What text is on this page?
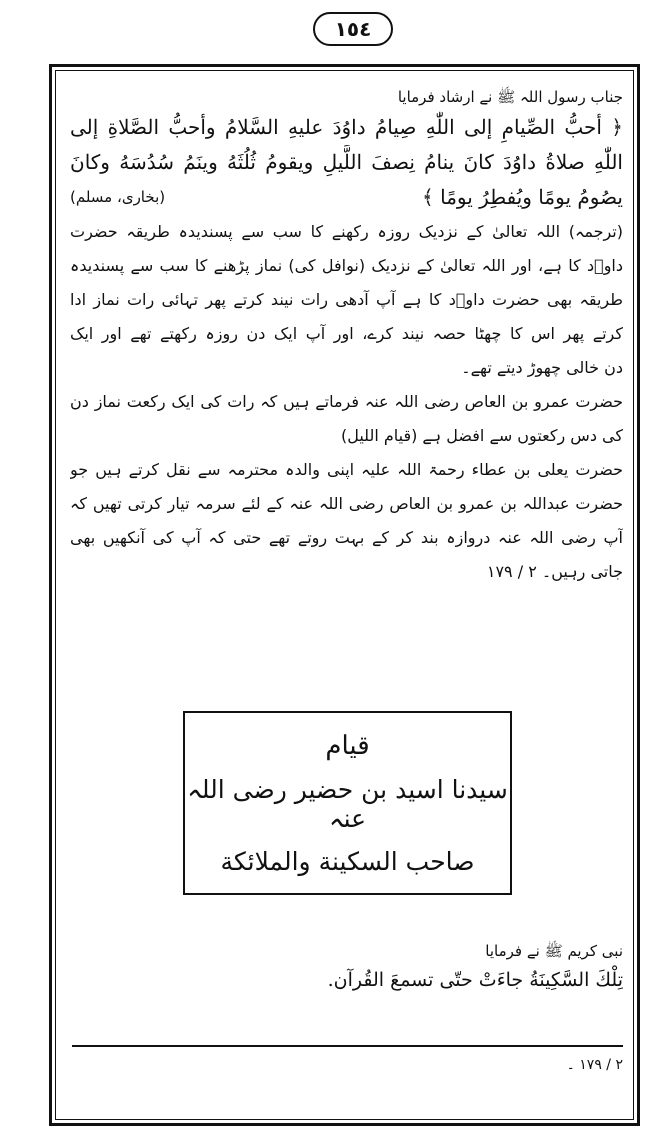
١٥٤
جناب رسول اللہ ﷺ نے ارشاد فرمایا
﴿ أحبُّ الصِّيامِ إلى اللّٰهِ صِيامُ داوُدَ عليهِ السَّلامُ وأحبُّ الصَّلاةِ إلى
اللّٰهِ صلاةُ داوُدَ كانَ ينامُ نِصفَ اللَّيلِ ويقومُ ثُلُثَهُ وينَمُ سُدُسَهُ وكانَ
يصُومُ يومًا ويُفطِرُ يومًا ﴾
(بخاری، مسلم)
(ترجمہ) اللہ تعالیٰ کے نزدیک روزہ رکھنے کا سب سے پسندیدہ طریقہ حضرت
داوؑد کا ہے، اور اللہ تعالیٰ کے نزدیک (نوافل کی) نماز پڑھنے کا سب سے پسندیدہ
طریقہ بھی حضرت داوؑد کا ہے آپ آدھی رات نیند کرتے پھر تہائی رات نماز ادا
کرتے پھر اس کا چھٹا حصہ نیند کرے، اور آپ ایک دن روزہ رکھتے تھے اور ایک
دن خالی چھوڑ دیتے تھے۔
حضرت عمرو بن العاص رضی اللہ عنہ فرماتے ہیں کہ رات کی ایک رکعت نماز دن
کی دس رکعتوں سے افضل ہے (قیام اللیل)
حضرت یعلی بن عطاء رحمۃ اللہ علیہ اپنی والدہ محترمہ سے نقل کرتے ہیں جو
حضرت عبداللہ بن عمرو بن العاص رضی اللہ عنہ کے لئے سرمہ تیار کرتی تھیں کہ
آپ رضی اللہ عنہ دروازہ بند کر کے بہت روتے تھے حتی کہ آپ کی آنکھیں بھی
جاتی رہیں۔ ۲ / ۱۷۹
قیام
سیدنا اسید بن حضیر رضی اللہ عنہ
صاحب السكينة والملائكة
نبی کریم ﷺ نے فرمایا
تِلْكَ السَّكِينَةُ جاءَتْ حتّى تسمعَ القُرآن.
۲ / ۱۷۹ ۔
